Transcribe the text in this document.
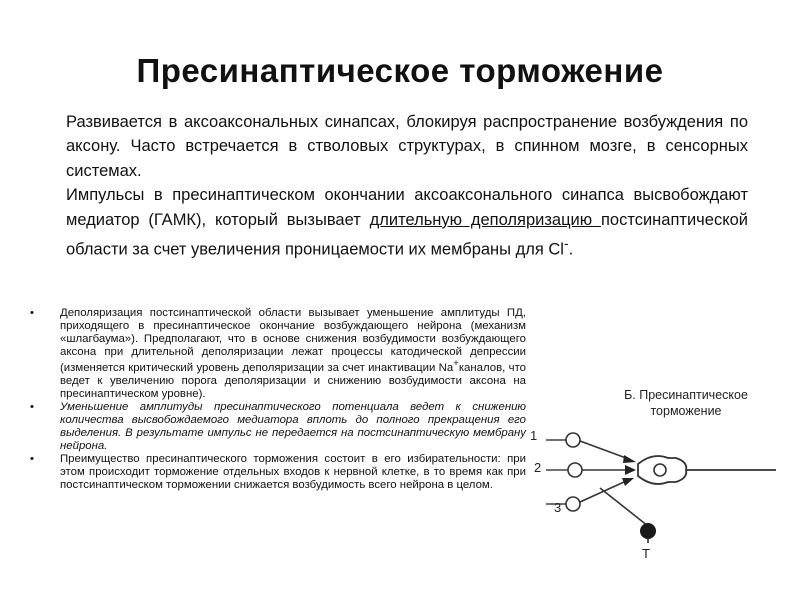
Пресинаптическое торможение

Развивается в аксоаксональных синапсах, блокируя распространение возбуждения по аксону. Часто встречается в стволовых структурах, в спинном мозге, в сенсорных системах.

Импульсы в пресинаптическом окончании аксоаксонального синапса высвобождают медиатор (ГАМК), который вызывает длительную деполяризацию постсинаптической области за счет увеличения проницаемости их мембраны для Cl-.

• Деполяризация постсинаптической области вызывает уменьшение амплитуды ПД, приходящего в пресинаптическое окончание возбуждающего нейрона (механизм «шлагбаума»). Предполагают, что в основе снижения возбудимости возбуждающего аксона при длительной деполяризации лежат процессы катодической депрессии (изменяется критический уровень деполяризации за счет инактивации Na+каналов, что ведет к увеличению порога деполяризации и снижению возбудимости аксона на пресинаптическом уровне).
• Уменьшение амплитуды пресинаптического потенциала ведет к снижению количества высвобождаемого медиатора вплоть до полного прекращения его выделения. В результате импульс не передается на постсинаптическую мембрану нейрона.
• Преимущество пресинаптического торможения состоит в его избирательности: при этом происходит торможение отдельных входов к нервной клетке, в то время как при постсинаптическом торможении снижается возбудимость всего нейрона в целом.
Б. Пресинаптическое
торможение
1
2
3
Т
